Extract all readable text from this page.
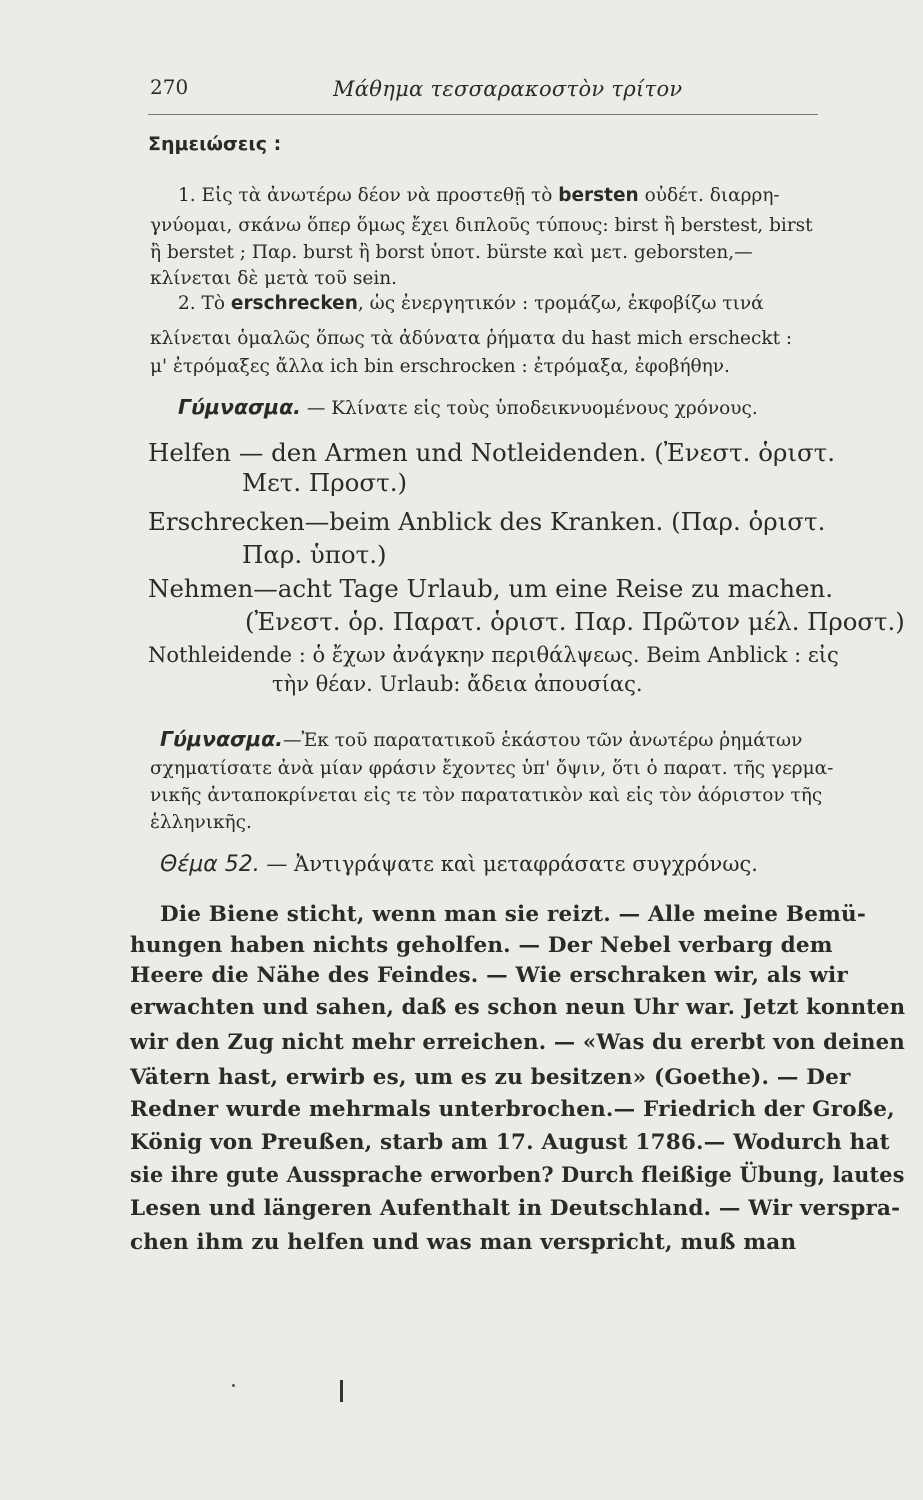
270	Μάθημα τεσσαρακοστὸν τρίτον
Σημειώσεις :
1. Εἰς τὰ ἀνωτέρω δέον νὰ προστεθῇ τὸ bersten οὐδέτ. διαρρη-
γνύομαι, σκάνω ὅπερ ὅμως ἔχει διπλοῦς τύπους: birst ἢ berstest, birst
ἢ berstet ; Παρ. burst ἢ borst ὑποτ. bürste καὶ μετ. geborsten,—
κλίνεται δὲ μετὰ τοῦ sein.
2. Τὸ erschrecken, ὡς ἐνεργητικόν : τρομάζω, ἐκφοβίζω τινά
κλίνεται ὁμαλῶς ὅπως τὰ ἀδύνατα ῥήματα du hast mich erscheckt :
μ' ἐτρόμαξες ἄλλα ich bin erschrocken : ἐτρόμαξα, ἐφοβήθην.
Γύμνασμα. — Κλίνατε εἰς τοὺς ὑποδεικνυομένους χρόνους.
Helfen — den Armen und Notleidenden. (Ἐνεστ. ὁριστ.
Μετ. Προστ.)
Erschrecken—beim Anblick des Kranken. (Παρ. ὁριστ.
Παρ. ὑποτ.)
Nehmen—acht Tage Urlaub, um eine Reise zu machen.
(Ἐνεστ. ὁρ. Παρατ. ὁριστ. Παρ. Πρῶτον μέλ. Προστ.)
Nothleidende : ὁ ἔχων ἀνάγκην περιθάλψεως. Beim Anblick : εἰς
τὴν θέαν. Urlaub: ἄδεια ἀπουσίας.
Γύμνασμα.—Ἐκ τοῦ παρατατικοῦ ἑκάστου τῶν ἀνωτέρω ῥημάτων
σχηματίσατε ἀνὰ μίαν φράσιν ἔχοντες ὑπ' ὄψιν, ὅτι ὁ παρατ. τῆς γερμα-
νικῆς ἀνταποκρίνεται εἰς τε τὸν παρατατικὸν καὶ εἰς τὸν ἀόριστον τῆς
ἑλληνικῆς.
Θέμα 52. — Ἀντιγράψατε καὶ μεταφράσατε συγχρόνως.
Die Biene sticht, wenn man sie reizt. — Alle meine Bemü-
hungen haben nichts geholfen. — Der Nebel verbarg dem
Heere die Nähe des Feindes. — Wie erschraken wir, als wir
erwachten und sahen, daß es schon neun Uhr war. Jetzt konnten
wir den Zug nicht mehr erreichen. — «Was du ererbt von deinen
Vätern hast, erwirb es, um es zu besitzen» (Goethe). — Der
Redner wurde mehrmals unterbrochen.— Friedrich der Große,
König von Preußen, starb am 17. August 1786.— Wodurch hat
sie ihre gute Aussprache erworben? Durch fleißige Übung, lautes
Lesen und längeren Aufenthalt in Deutschland. — Wir verspra-
chen ihm zu helfen und was man verspricht, muß man
